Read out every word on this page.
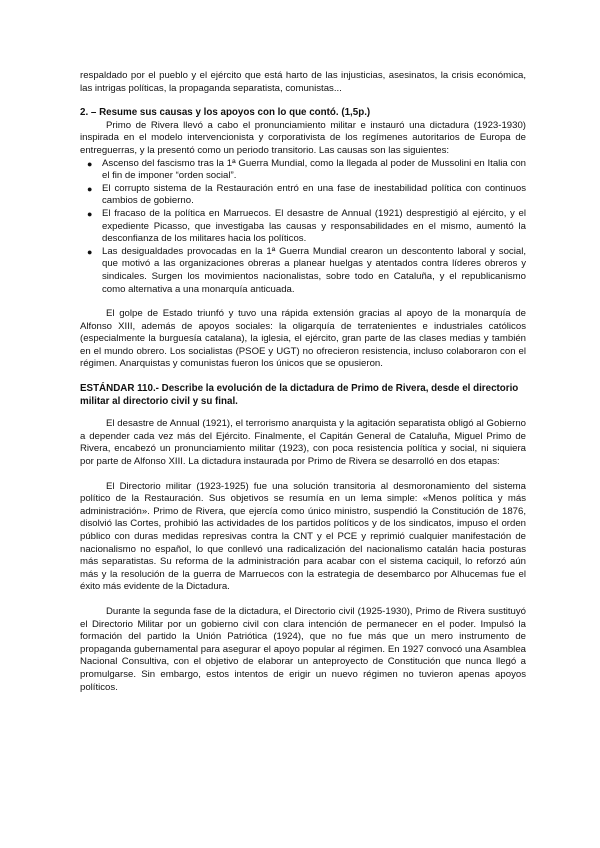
respaldado por el pueblo y el ejército que está harto de las injusticias, asesinatos, la crisis económica, las intrigas políticas, la propaganda separatista, comunistas...

2. – Resume sus causas y los apoyos con lo que contó. (1,5p.)

Primo de Rivera llevó a cabo el pronunciamiento militar e instauró una dictadura (1923-1930) inspirada en el modelo intervencionista y corporativista de los regímenes autoritarios de Europa de entreguerras, y la presentó como un periodo transitorio. Las causas son las siguientes:

● Ascenso del fascismo tras la 1ª Guerra Mundial, como la llegada al poder de Mussolini en Italia con el fin de imponer “orden social”.
● El corrupto sistema de la Restauración entró en una fase de inestabilidad política con continuos cambios de gobierno.
● El fracaso de la política en Marruecos. El desastre de Annual (1921) desprestigió al ejército, y el expediente Picasso, que investigaba las causas y responsabilidades en el mismo, aumentó la desconfianza de los militares hacia los políticos.
● Las desigualdades provocadas en la 1ª Guerra Mundial crearon un descontento laboral y social, que motivó a las organizaciones obreras a planear huelgas y atentados contra líderes obreros y sindicales. Surgen los movimientos nacionalistas, sobre todo en Cataluña, y el republicanismo como alternativa a una monarquía anticuada.

El golpe de Estado triunfó y tuvo una rápida extensión gracias al apoyo de la monarquía de Alfonso XIII, además de apoyos sociales: la oligarquía de terratenientes e industriales católicos (especialmente la burguesía catalana), la iglesia, el ejército, gran parte de las clases medias y también en el mundo obrero. Los socialistas (PSOE y UGT) no ofrecieron resistencia, incluso colaboraron con el régimen. Anarquistas y comunistas fueron los únicos que se opusieron.

ESTÁNDAR 110.- Describe la evolución de la dictadura de Primo de Rivera, desde el directorio militar al directorio civil y su final.

El desastre de Annual (1921), el terrorismo anarquista y la agitación separatista obligó al Gobierno a depender cada vez más del Ejército. Finalmente, el Capitán General de Cataluña, Miguel Primo de Rivera, encabezó un pronunciamiento militar (1923), con poca resistencia política y social, ni siquiera por parte de Alfonso XIII. La dictadura instaurada por Primo de Rivera se desarrolló en dos etapas:

El Directorio militar (1923-1925) fue una solución transitoria al desmoronamiento del sistema político de la Restauración. Sus objetivos se resumía en un lema simple: «Menos política y más administración». Primo de Rivera, que ejercía como único ministro, suspendió la Constitución de 1876, disolvió las Cortes, prohibió las actividades de los partidos políticos y de los sindicatos, impuso el orden público con duras medidas represivas contra la CNT y el PCE y reprimió cualquier manifestación de nacionalismo no español, lo que conllevó una radicalización del nacionalismo catalán hacia posturas más separatistas. Su reforma de la administración para acabar con el sistema caciquil, lo reforzó aún más y la resolución de la guerra de Marruecos con la estrategia de desembarco por Alhucemas fue el éxito más evidente de la Dictadura.

Durante la segunda fase de la dictadura, el Directorio civil (1925-1930), Primo de Rivera sustituyó el Directorio Militar por un gobierno civil con clara intención de permanecer en el poder. Impulsó la formación del partido la Unión Patriótica (1924), que no fue más que un mero instrumento de propaganda gubernamental para asegurar el apoyo popular al régimen. En 1927 convocó una Asamblea Nacional Consultiva, con el objetivo de elaborar un anteproyecto de Constitución que nunca llegó a promulgarse. Sin embargo, estos intentos de erigir un nuevo régimen no tuvieron apenas apoyos políticos.
